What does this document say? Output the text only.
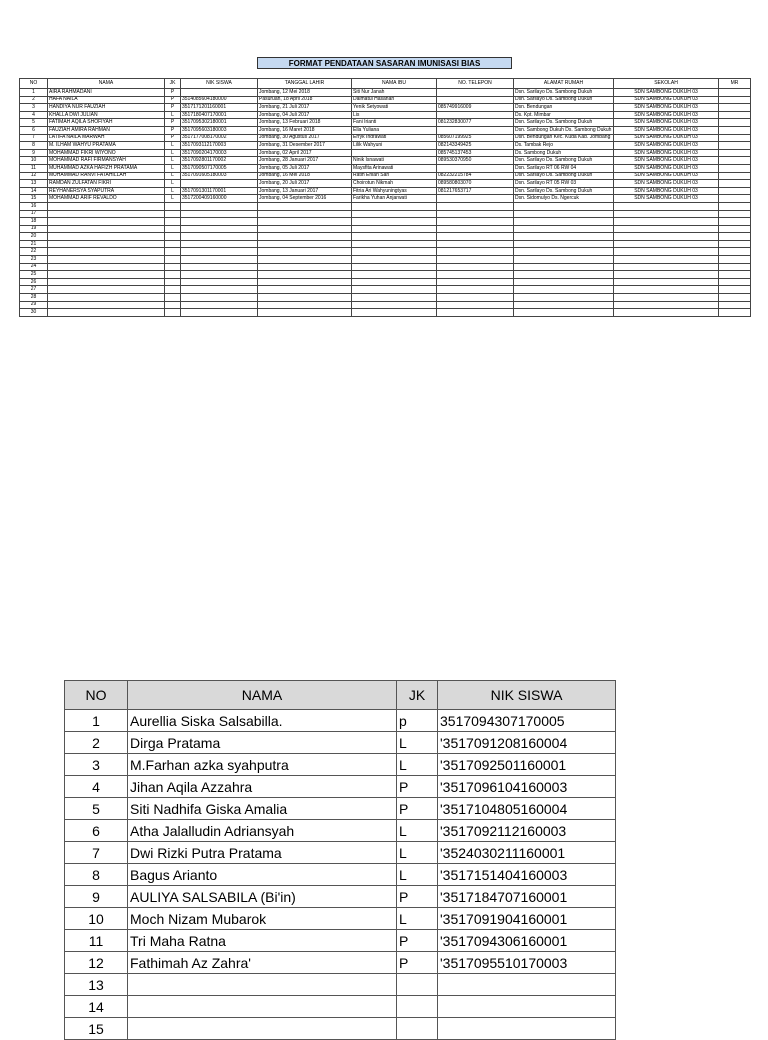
FORMAT PENDATAAN SASARAN IMUNISASI BIAS
NO	NAMA	JK	NIK SISWA	TANGGAL LAHIR	NAMA IBU	NO. TELEPON	ALAMAT RUMAH	SEKOLAH	MR
1	AIRA RAHMADANI	P		Jombang, 12 Mei 2018	Siti Nur Janah		Dsn. Sarilayo Ds. Sambong Dukuh	SDN SAMBONG DUKUH 03	
2	HAFA NAILA	P	3514085604180000	Pasuruan, 18 April 2018	Dalmatul Hasanah		Dsn. Sarilayo Ds. Sambong Dukuh	SDN SAMBONG DUKUH 03	
3	HANDIYA NUR FAUZIAH	P	3517171201160001	Jombang, 21 Juli 2017	Yenik Setyowati	085749916009	Dsn. Bendungan	SDN SAMBONG DUKUH 03	
4	KHALLA DWI JULIAN	L	3517180407170001	Jombang, 04 Juli 2017	Lis		Ds. Kpt. Mimbar	SDN SAMBONG DUKUH 03	
5	FATIMAH AQILA SHOFIYAH	P	3517095302180001	Jombang, 13 Februari 2018	Fani Irianti	081232830077	Dsn. Sarilayo Ds. Sambong Dukuh	SDN SAMBONG DUKUH 03	
6	FAUZIAH AMIRA RAHMAN	P	3517095603180003	Jombang, 16 Maret 2018	Ella Yuliana		Dsn. Sambong Dukuh Ds. Sambong Dukuh	SDN SAMBONG DUKUH 03	
7	LATIFA NAILA MARWAH	P	3517177008170002	Jombang, 30 Agustus 2017	Erryk Indrawati	085607199925	Dsn. Bendungan Kec. Kuda Kab. Jombang	SDN SAMBONG DUKUH 03	
8	M. ILHAM WAHYU PRATAMA	L	3517093112170003	Jombang, 31 Desember 2017	Lilik Wahyuni	082143349425	Ds. Tambak Rejo	SDN SAMBONG DUKUH 03	
9	MOHAMMAD FIKRI WIYONO	L	3517090204170003	Jombang, 02 April 2017		085745137453	Ds. Sambong Dukuh	SDN SAMBONG DUKUH 03	
10	MOHAMMAD RAFI FIRMANSYAH	L	3517092801170002	Jombang, 28 Januari 2017	Ninik Isnawati	089530370950	Dsn. Sarilayo Ds. Sambong Dukuh	SDN SAMBONG DUKUH 03	
11	MUHAMMAD AZKA HAFIZH PRATAMA	L	3517090507170005	Jombang, 05 Juli 2017	Maysfita Arinawati		Dsn. Sarilayo RT 06 RW 04	SDN SAMBONG DUKUH 03	
12	MUHAMMAD RANVI FATAHILLAH	L	3517091605180003	Jombang, 16 Mei 2018	Ratih Erlian Sari	082232215784	Dsn. Sarilayo Ds. Sambong Dukuh	SDN SAMBONG DUKUH 03	
13	RAMDAN ZULFATAN FIKRI	L		Jombang, 20 Juli 2017	Choirotun Nikmah	089580803070	Dsn. Sarilayo RT 05 RW 03	SDN SAMBONG DUKUH 03	
14	REYHANERSYA SYAPUTRA	L	3517091301170001	Jombang, 13 Januari 2017	Fitria Ari Wahyuningtyas	081217653717	Dsn. Sarilayo Ds. Sambong Dukuh	SDN SAMBONG DUKUH 03	
15	MOHAMMAD ARIF REVALDO	L	3517200409160000	Jombang, 04 September 2016	Farikha Yuhan Anjarwati		Dsn. Sidomulyo Ds. Ngercuk	SDN SAMBONG DUKUH 03	
16									
17									
18									
19									
20									
21									
22									
23									
24									
25									
26									
27									
28									
29									
30									
NO	NAMA	JK	NIK SISWA
1	Aurellia Siska Salsabilla.	p	3517094307170005
2	Dirga Pratama	L	'3517091208160004
3	M.Farhan azka syahputra	L	'3517092501160001
4	Jihan Aqila Azzahra	P	'3517096104160003
5	Siti Nadhifa Giska Amalia	P	'3517104805160004
6	Atha Jalalludin Adriansyah	L	'3517092112160003
7	Dwi Rizki Putra Pratama	L	'3524030211160001
8	Bagus Arianto	L	'3517151404160003
9	AULIYA SALSABILA (Bi'in)	P	'3517184707160001
10	Moch Nizam Mubarok	L	'3517091904160001
11	Tri Maha Ratna	P	'3517094306160001
12	Fathimah Az Zahra'	P	'3517095510170003
13			
14			
15			
